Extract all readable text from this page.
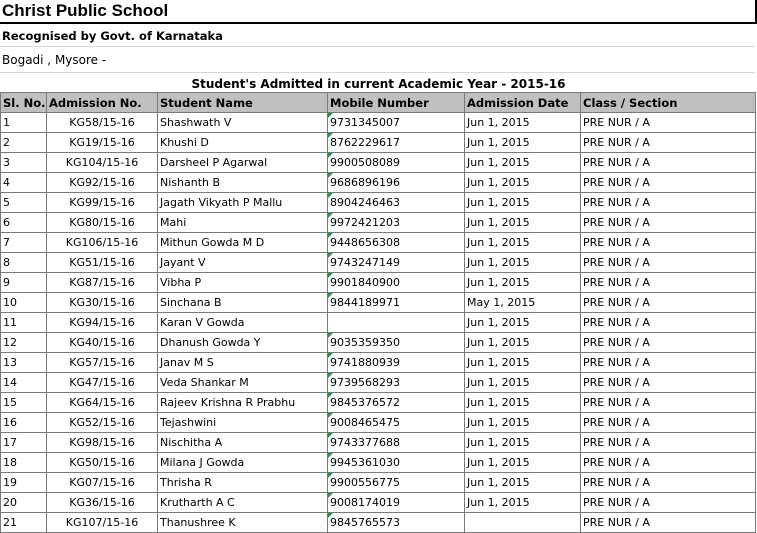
Christ Public School
Recognised by Govt. of Karnataka
Bogadi , Mysore -
Student's Admitted in current Academic Year - 2015-16
Sl. No.	Admission No.	Student Name	Mobile Number	Admission Date	Class / Section
1	KG58/15-16	Shashwath V	9731345007	Jun 1, 2015	PRE NUR / A
2	KG19/15-16	Khushi D	8762229617	Jun 1, 2015	PRE NUR / A
3	KG104/15-16	Darsheel P Agarwal	9900508089	Jun 1, 2015	PRE NUR / A
4	KG92/15-16	Nishanth B	9686896196	Jun 1, 2015	PRE NUR / A
5	KG99/15-16	Jagath Vikyath P Mallu	8904246463	Jun 1, 2015	PRE NUR / A
6	KG80/15-16	Mahi	9972421203	Jun 1, 2015	PRE NUR / A
7	KG106/15-16	Mithun Gowda M D	9448656308	Jun 1, 2015	PRE NUR / A
8	KG51/15-16	Jayant V	9743247149	Jun 1, 2015	PRE NUR / A
9	KG87/15-16	Vibha P	9901840900	Jun 1, 2015	PRE NUR / A
10	KG30/15-16	Sinchana B	9844189971	May 1, 2015	PRE NUR / A
11	KG94/15-16	Karan V Gowda		Jun 1, 2015	PRE NUR / A
12	KG40/15-16	Dhanush Gowda Y	9035359350	Jun 1, 2015	PRE NUR / A
13	KG57/15-16	Janav M S	9741880939	Jun 1, 2015	PRE NUR / A
14	KG47/15-16	Veda Shankar M	9739568293	Jun 1, 2015	PRE NUR / A
15	KG64/15-16	Rajeev Krishna R Prabhu	9845376572	Jun 1, 2015	PRE NUR / A
16	KG52/15-16	Tejashwini	9008465475	Jun 1, 2015	PRE NUR / A
17	KG98/15-16	Nischitha A	9743377688	Jun 1, 2015	PRE NUR / A
18	KG50/15-16	Milana J Gowda	9945361030	Jun 1, 2015	PRE NUR / A
19	KG07/15-16	Thrisha R	9900556775	Jun 1, 2015	PRE NUR / A
20	KG36/15-16	Krutharth A C	9008174019	Jun 1, 2015	PRE NUR / A
21	KG107/15-16	Thanushree K	9845765573		PRE NUR / A
